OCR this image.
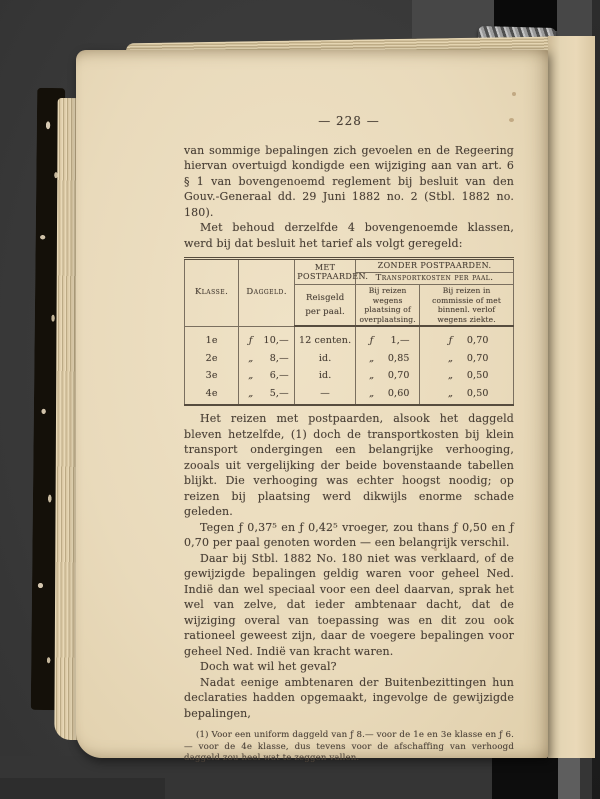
— 228 —

van sommige bepalingen zich gevoelen en de Regeering hiervan overtuigd kondigde een wijziging aan van art. 6 § 1 van bovengenoemd reglement bij besluit van den Gouv.-Generaal dd. 29 Juni 1882 no. 2 (Stbl. 1882 no. 180).

Met behoud derzelfde 4 bovengenoemde klassen, werd bij dat besluit het tarief als volgt geregeld:

Klasse.	Daggeld.	MET POSTPAARDEN.	ZONDER POSTPAARDEN.	
			Transportkosten per paal.	
		Reisgeld per paal.	Bij reizen wegens plaatsing of overplaatsing.	Bij reizen in commissie of met binnenl. verlof wegens ziekte.
1e	ƒ 10,—	12 centen.	ƒ 1,—	ƒ 0,70
2e	„ 8,—	id.	„ 0,85	„ 0,70
3e	„ 6,—	id.	„ 0,70	„ 0,50
4e	„ 5,—	—	„ 0,60	„ 0,50

Het reizen met postpaarden, alsook het daggeld bleven hetzelfde, (1) doch de transportkosten bij klein transport ondergingen een belangrijke verhooging, zooals uit vergelijking der beide bovenstaande tabellen blijkt. Die verhooging was echter hoogst noodig; op reizen bij plaatsing werd dikwijls enorme schade geleden.

Tegen ƒ 0,37⁵ en ƒ 0,42⁵ vroeger, zou thans ƒ 0,50 en ƒ 0,70 per paal genoten worden — een belangrijk verschil.

Daar bij Stbl. 1882 No. 180 niet was verklaard, of de gewijzigde bepalingen geldig waren voor geheel Ned. Indië dan wel speciaal voor een deel daarvan, sprak het wel van zelve, dat ieder ambtenaar dacht, dat de wijziging overal van toepassing was en dit zou ook rationeel geweest zijn, daar de voegere bepalingen voor geheel Ned. Indië van kracht waren.

Doch wat wil het geval?

Nadat eenige ambtenaren der Buitenbezittingen hun declaraties hadden opgemaakt, ingevolge de gewijzigde bepalingen,

(1) Voor een uniform daggeld van ƒ 8.— voor de 1e en 3e klasse en ƒ 6.— voor de 4e klasse, dus tevens voor de afschaffing van verhoogd daggeld zou heel wat te zeggen vallen.
